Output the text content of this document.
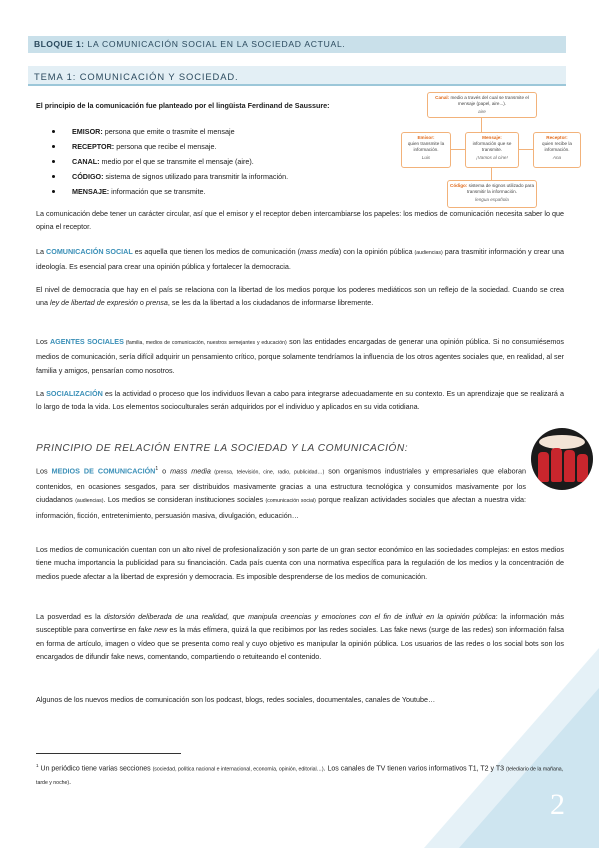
2
BLOQUE 1: LA COMUNICACIÓN SOCIAL EN LA SOCIEDAD ACTUAL.
TEMA 1: COMUNICACIÓN Y SOCIEDAD.

El principio de la comunicación fue planteado por el lingüista Ferdinand de Saussure:

EMISOR: persona que emite o trasmite el mensaje
RECEPTOR: persona que recibe el mensaje.
CANAL: medio por el que se transmite el mensaje (aire).
CÓDIGO: sistema de signos utilizado para transmitir la información.
MENSAJE: información que se transmite.
Canal: medio a través del cual se transmite el mensaje (papel, aire...).
aire
Emisor:
quien transmite la información.
Luis
Mensaje:
información que se transmite.
¡Vamos al cine!
Receptor:
quien recibe la información.
Ana
Código: sistema de signos utilizado para transmitir la información.
lengua española

La comunicación debe tener un carácter circular, así que el emisor y el receptor deben intercambiarse los papeles: los medios de comunicación necesita saber lo que opina el receptor.

La COMUNICACIÓN SOCIAL es aquella que tienen los medios de comunicación (mass media) con la opinión pública (audiencias) para trasmitir información y crear una ideología. Es esencial para crear una opinión pública y fortalecer la democracia.

El nivel de democracia que hay en el país se relaciona con la libertad de los medios porque los poderes mediáticos son un reflejo de la sociedad. Cuando se crea una ley de libertad de expresión o prensa, se les da la libertad a los ciudadanos de informarse libremente.

Los AGENTES SOCIALES (familia, medios de comunicación, nuestros semejantes y educación) son las entidades encargadas de generar una opinión pública. Si no consumiésemos medios de comunicación, sería difícil adquirir un pensamiento crítico, porque solamente tendríamos la influencia de los otros agentes sociales que, en realidad, al ser familia y amigos, pensarían como nosotros.

La SOCIALIZACIÓN es la actividad o proceso que los individuos llevan a cabo para integrarse adecuadamente en su contexto. Es un aprendizaje que se realizará a lo largo de toda la vida. Los elementos socioculturales serán adquiridos por el individuo y aplicados en su vida cotidiana.

PRINCIPIO DE RELACIÓN ENTRE LA SOCIEDAD Y LA COMUNICACIÓN:

Los MEDIOS DE COMUNICACIÓN$^1$ o mass media (prensa, televisión, cine, radio, publicidad…) son organismos industriales y empresariales que elaboran contenidos, en ocasiones sesgados, para ser distribuidos masivamente gracias a una estructura tecnológica y consumidos masivamente por los ciudadanos (audiencias). Los medios se consideran instituciones sociales (comunicación social) porque realizan actividades sociales que afectan a nuestra vida: información, ficción, entretenimiento, persuasión masiva, divulgación, educación…

Los medios de comunicación cuentan con un alto nivel de profesionalización y son parte de un gran sector económico en las sociedades complejas: en estos medios tiene mucha importancia la publicidad para su financiación. Cada país cuenta con una normativa específica para la regulación de los medios y la concentración de medios puede afectar a la libertad de expresión y democracia. Es imposible desprenderse de los medios de comunicación.

La posverdad es la distorsión deliberada de una realidad, que manipula creencias y emociones con el fin de influir en la opinión pública: la información más susceptible para convertirse en fake new es la más efímera, quizá la que recibimos por las redes sociales. Las fake news (surge de las redes) son información falsa en forma de artículo, imagen o vídeo que se presenta como real y cuyo objetivo es manipular la opinión pública. Los usuarios de las redes o los social bots son los encargados de difundir fake news, comentando, compartiendo o retuiteando el contenido.

Algunos de los nuevos medios de comunicación son los podcast, blogs, redes sociales, documentales, canales de Youtube…

$^1$ Un periódico tiene varias secciones (sociedad, política nacional e internacional, economía, opinión, editorial…). Los canales de TV tienen varios informativos T1, T2 y T3 (telediario de la mañana, tarde y noche).
